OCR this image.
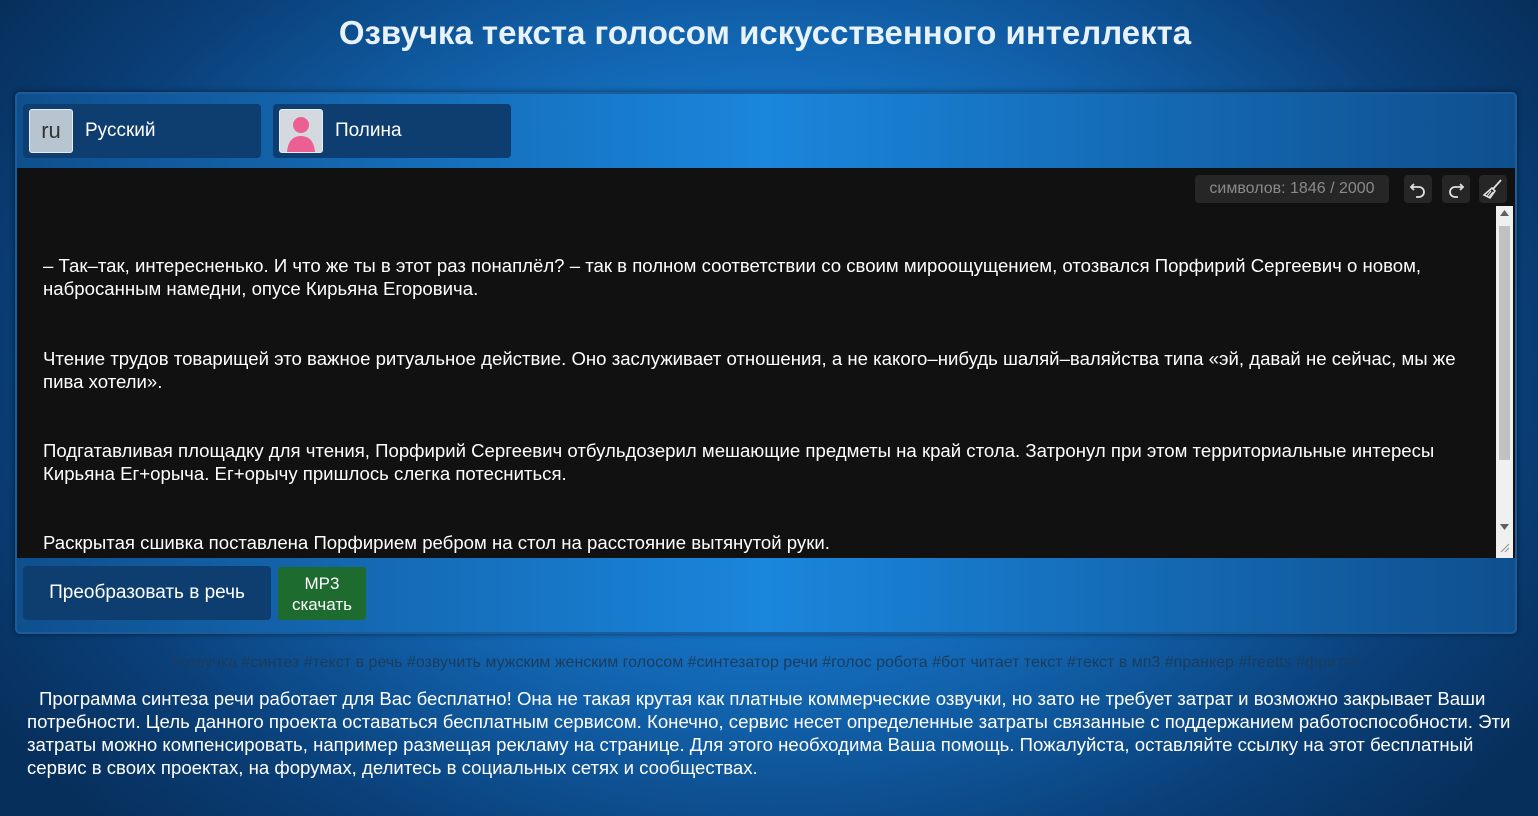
Озвучка текста голосом искусственного интеллекта
ru	Русский	Полина
символов: 1846 / 2000

– Так–так, интересненько. И что же ты в этот раз понаплёл? – так в полном соответствии со своим мироощущением, отозвался Порфирий Сергеевич о новом, набросанным намедни, опусе Кирьяна Егоровича.

Чтение трудов товарищей это важное ритуальное действие. Оно заслуживает отношения, а не какого–нибудь шаляй–валяйства типа «эй, давай не сейчас, мы же пива хотели».

Подгатавливая площадку для чтения, Порфирий Сергеевич отбульдозерил мешающие предметы на край стола. Затронул при этом территориальные интересы Кирьяна Ег+орыча. Ег+орычу пришлось слегка потесниться.

Раскрытая сшивка поставлена Порфирием ребром на стол на расстояние вытянутой руки.

Преобразовать в речь	MP3
скачать
#озвучка #синтез #текст в речь #озвучить мужским женским голосом #синтезатор речи #голос робота #бот читает текст #текст в мп3 #пранкер #freetts #фриттс
Программа синтеза речи работает для Вас бесплатно! Она не такая крутая как платные коммерческие озвучки, но зато не требует затрат и возможно закрывает Ваши потребности. Цель данного проекта оставаться бесплатным сервисом. Конечно, сервис несет определенные затраты связанные с поддержанием работоспособности. Эти затраты можно компенсировать, например размещая рекламу на странице. Для этого необходима Ваша помощь. Пожалуйста, оставляйте ссылку на этот бесплатный сервис в своих проектах, на форумах, делитесь в социальных сетях и сообществах.
